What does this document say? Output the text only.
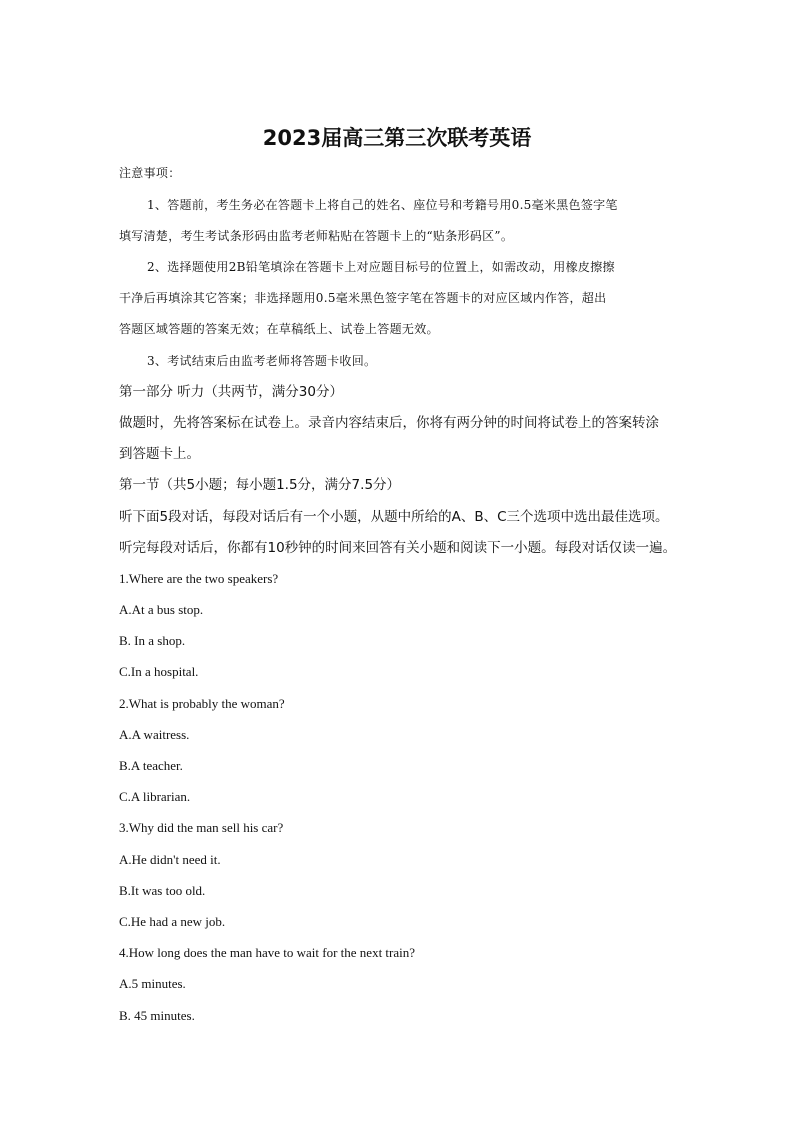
2023届高三第三次联考英语
注意事项：
1、答题前，考生务必在答题卡上将自己的姓名、座位号和考籍号用0.5毫米黑色签字笔
填写清楚，考生考试条形码由监考老师粘贴在答题卡上的“贴条形码区”。
2、选择题使用2B铅笔填涂在答题卡上对应题目标号的位置上，如需改动，用橡皮擦擦
干净后再填涂其它答案；非选择题用0.5毫米黑色签字笔在答题卡的对应区域内作答，超出
答题区域答题的答案无效；在草稿纸上、试卷上答题无效。
3、考试结束后由监考老师将答题卡收回。
第一部分 听力（共两节，满分30分）
做题时，先将答案标在试卷上。录音内容结束后，你将有两分钟的时间将试卷上的答案转涂
到答题卡上。
第一节（共5小题；每小题1.5分，满分7.5分）
听下面5段对话，每段对话后有一个小题，从题中所给的A、B、C三个选项中选出最佳选项。
听完每段对话后，你都有10秒钟的时间来回答有关小题和阅读下一小题。每段对话仅读一遍。
1.Where are the two speakers?
A.At a bus stop.
B. In a shop.
C.In a hospital.
2.What is probably the woman?
A.A waitress.
B.A teacher.
C.A librarian.
3.Why did the man sell his car?
A.He didn't need it.
B.It was too old.
C.He had a new job.
4.How long does the man have to wait for the next train?
A.5 minutes.
B. 45 minutes.
